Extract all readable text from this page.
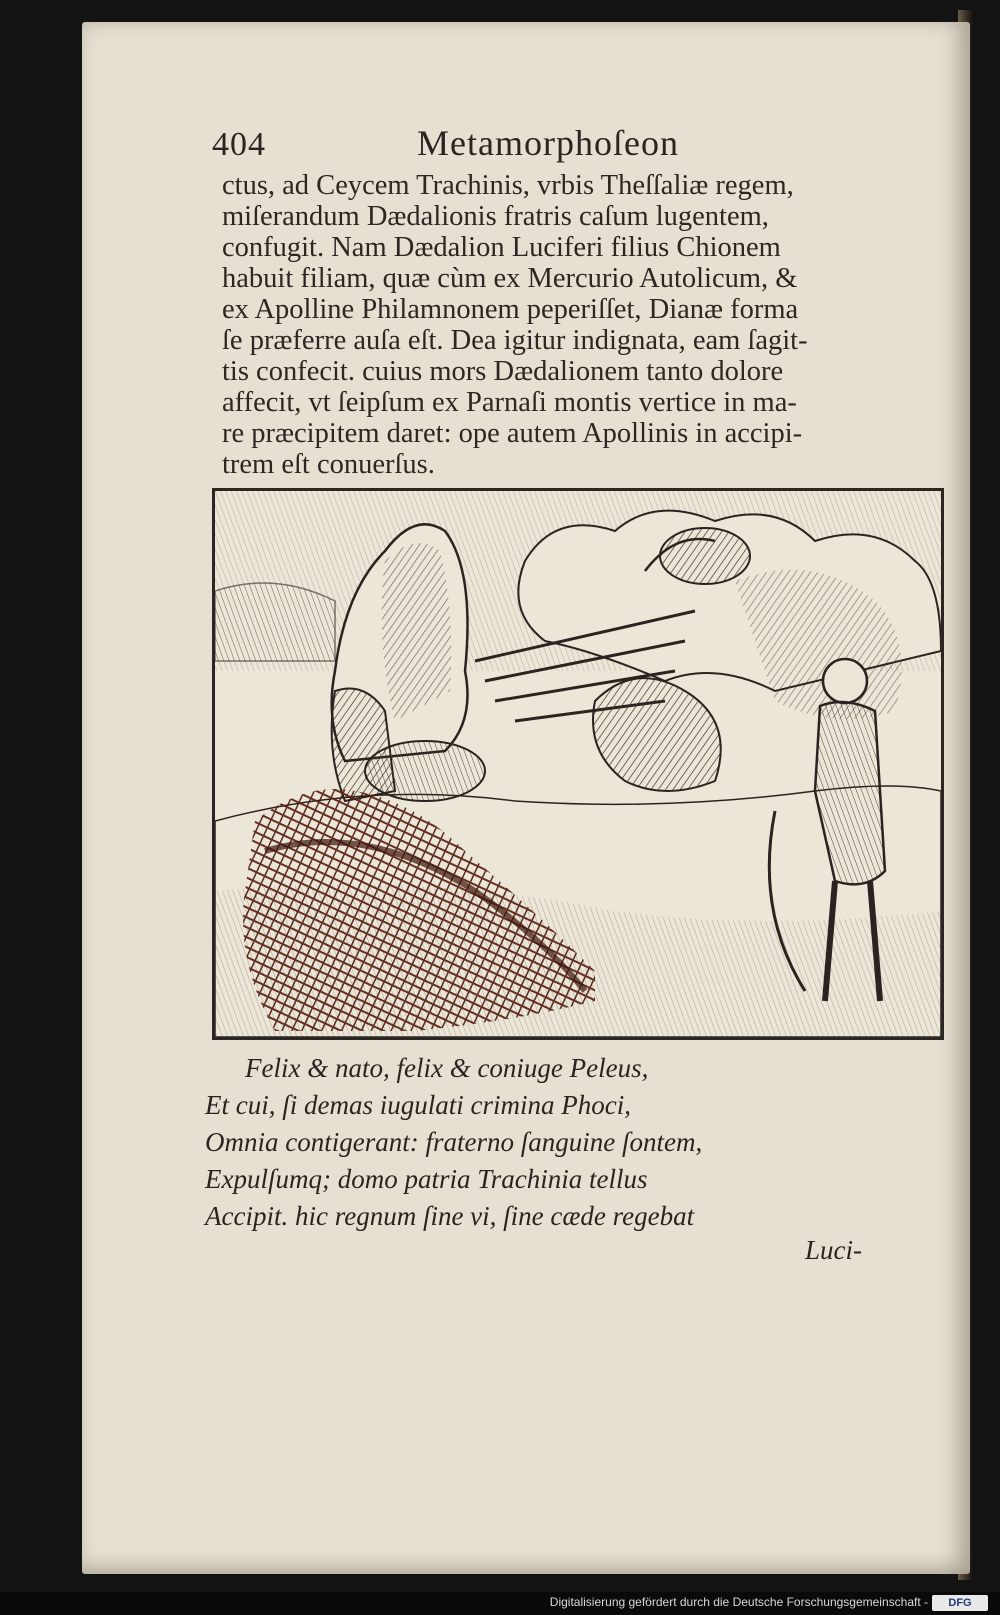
404	Metamorphoſeon
ctus, ad Ceycem Trachinis, vrbis Theſſaliæ regem,
miſerandum Dædalionis fratris caſum lugentem,
confugit. Nam Dædalion Luciferi filius Chionem
habuit filiam, quæ cùm ex Mercurio Autolicum, &
ex Apolline Philamnonem peperiſſet, Dianæ forma
ſe præferre auſa eſt. Dea igitur indignata, eam ſagit-
tis confecit. cuius mors Dædalionem tanto dolore
affecit, vt ſeipſum ex Parnaſi montis vertice in ma-
re præcipitem daret: ope autem Apollinis in accipi-
trem eſt conuerſus.
Felix & nato, felix & coniuge Peleus,
Et cui, ſi demas iugulati crimina Phoci,
Omnia contigerant: fraterno ſanguine ſontem,
Expulſumq; domo patria Trachinia tellus
Accipit. hic regnum ſine vi, ſine cæde regebat
Luci-
Digitalisierung gefördert durch die Deutsche Forschungsgemeinschaft -	DFG
